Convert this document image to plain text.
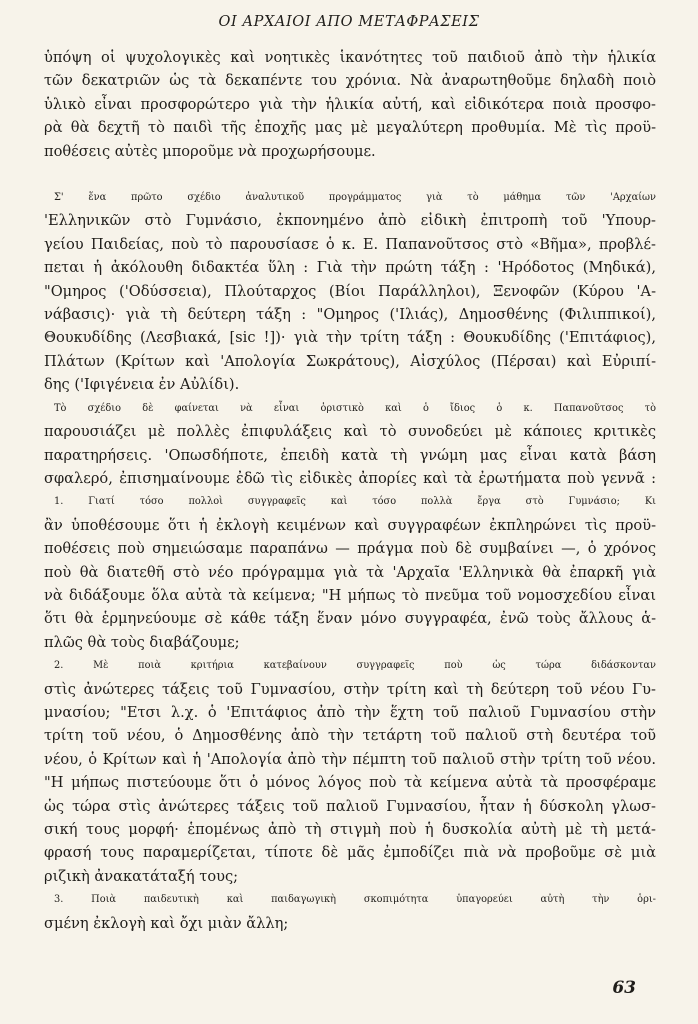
ΟΙ ΑΡΧΑΙΟΙ ΑΠΟ ΜΕΤΑΦΡΑΣΕΙΣ
ὑπόψη οἱ ψυχολογικὲς καὶ νοητικὲς ἱκανότητες τοῦ παιδιοῦ ἀπὸ τὴν ἡλικία
τῶν δεκατριῶν ὡς τὰ δεκαπέντε του χρόνια. Νὰ ἀναρωτηθοῦμε δηλαδὴ ποιὸ
ὑλικὸ εἶναι προσφορώτερο γιὰ τὴν ἡλικία αὐτή, καὶ εἰδικότερα ποιὰ προσφο-
ρὰ θὰ δεχτῆ τὸ παιδὶ τῆς ἐποχῆς μας μὲ μεγαλύτερη προθυμία. Μὲ τὶς προϋ-
ποθέσεις αὐτὲς μποροῦμε νὰ προχωρήσουμε.
Σ' ἕνα πρῶτο σχέδιο ἀναλυτικοῦ προγράμματος γιὰ τὸ μάθημα τῶν 'Αρχαίων
'Ελληνικῶν στὸ Γυμνάσιο, ἐκπονημένο ἀπὸ εἰδικὴ ἐπιτροπὴ τοῦ 'Υπουρ-
γείου Παιδείας, ποὺ τὸ παρουσίασε ὁ κ. Ε. Παπανοῦτσος στὸ «Βῆμα», προβλέ-
πεται ἡ ἀκόλουθη διδακτέα ὕλη : Γιὰ τὴν πρώτη τάξη : 'Ηρόδοτος (Μηδικά),
"Ομηρος ('Οδύσσεια), Πλούταρχος (Βίοι Παράλληλοι), Ξενοφῶν (Κύρου 'Α-
νάβασις)· γιὰ τὴ δεύτερη τάξη : "Ομηρος ('Ιλιάς), Δημοσθένης (Φιλιππικοί),
Θουκυδίδης (Λεσβιακά, [sic !])· γιὰ τὴν τρίτη τάξη : Θουκυδίδης ('Επιτάφιος),
Πλάτων (Κρίτων καὶ 'Απολογία Σωκράτους), Αἰσχύλος (Πέρσαι) καὶ Εὐριπί-
δης ('Ιφιγένεια ἐν Αὐλίδι).
Τὸ σχέδιο δὲ φαίνεται νὰ εἶναι ὁριστικὸ καὶ ὁ ἴδιος ὁ κ. Παπανοῦτσος τὸ
παρουσιάζει μὲ πολλὲς ἐπιφυλάξεις καὶ τὸ συνοδεύει μὲ κάποιες κριτικὲς
παρατηρήσεις. 'Οπωσδήποτε, ἐπειδὴ κατὰ τὴ γνώμη μας εἶναι κατὰ βάση
σφαλερό, ἐπισημαίνουμε ἐδῶ τὶς εἰδικὲς ἀπορίες καὶ τὰ ἐρωτήματα ποὺ γεννᾶ :
1. Γιατί τόσο πολλοὶ συγγραφεῖς καὶ τόσο πολλὰ ἔργα στὸ Γυμνάσιο; Κι
ἂν ὑποθέσουμε ὅτι ἡ ἐκλογὴ κειμένων καὶ συγγραφέων ἐκπληρώνει τὶς προϋ-
ποθέσεις ποὺ σημειώσαμε παραπάνω — πράγμα ποὺ δὲ συμβαίνει —, ὁ χρόνος
ποὺ θὰ διατεθῆ στὸ νέο πρόγραμμα γιὰ τὰ 'Αρχαῖα 'Ελληνικὰ θὰ ἐπαρκῆ γιὰ
νὰ διδάξουμε ὅλα αὐτὰ τὰ κείμενα; "Η μήπως τὸ πνεῦμα τοῦ νομοσχεδίου εἶναι
ὅτι θὰ ἑρμηνεύουμε σὲ κάθε τάξη ἕναν μόνο συγγραφέα, ἐνῶ τοὺς ἄλλους ἁ-
πλῶς θὰ τοὺς διαβάζουμε;
2. Μὲ ποιὰ κριτήρια κατεβαίνουν συγγραφεῖς ποὺ ὡς τώρα διδάσκονταν
στὶς ἀνώτερες τάξεις τοῦ Γυμνασίου, στὴν τρίτη καὶ τὴ δεύτερη τοῦ νέου Γυ-
μνασίου; "Ετσι λ.χ. ὁ 'Επιτάφιος ἀπὸ τὴν ἕχτη τοῦ παλιοῦ Γυμνασίου στὴν
τρίτη τοῦ νέου, ὁ Δημοσθένης ἀπὸ τὴν τετάρτη τοῦ παλιοῦ στὴ δευτέρα τοῦ
νέου, ὁ Κρίτων καὶ ἡ 'Απολογία ἀπὸ τὴν πέμπτη τοῦ παλιοῦ στὴν τρίτη τοῦ νέου.
"Η μήπως πιστεύουμε ὅτι ὁ μόνος λόγος ποὺ τὰ κείμενα αὐτὰ τὰ προσφέραμε
ὡς τώρα στὶς ἀνώτερες τάξεις τοῦ παλιοῦ Γυμνασίου, ἦταν ἡ δύσκολη γλωσ-
σική τους μορφή· ἑπομένως ἀπὸ τὴ στιγμὴ ποὺ ἡ δυσκολία αὐτὴ μὲ τὴ μετά-
φρασή τους παραμερίζεται, τίποτε δὲ μᾶς ἐμποδίζει πιὰ νὰ προβοῦμε σὲ μιὰ
ριζικὴ ἀνακατάταξή τους;
3. Ποιὰ παιδευτικὴ καὶ παιδαγωγικὴ σκοπιμότητα ὑπαγορεύει αὐτὴ τὴν ὁρι-
σμένη ἐκλογὴ καὶ ὄχι μιὰν ἄλλη;
63
